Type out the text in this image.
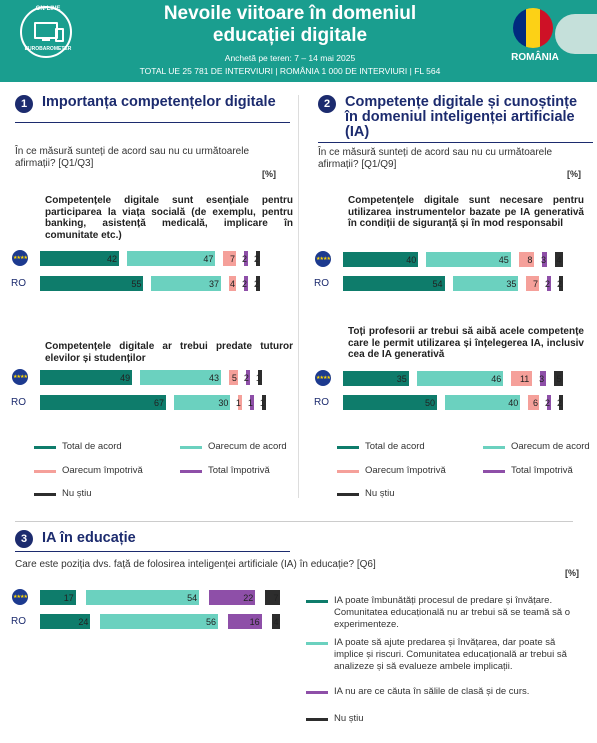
ON-LINE
EUROBAROMETER
Nevoile viitoare în domeniul educației digitale
Anchetă pe teren: 7 – 14 mai 2025
TOTAL UE 25 781 DE INTERVIURI | ROMÂNIA 1 000 DE INTERVIURI | FL 564
ROMÂNIA
1	Importanța competențelor digitale
În ce măsură sunteți de acord sau nu cu următoarele afirmații? [Q1/Q3]
[%]
2	Competențe digitale și cunoștințe în domeniul inteligenței artificiale (IA)
În ce măsură sunteți de acord sau nu cu următoarele afirmații? [Q1/Q9]
[%]
Competențele digitale sunt esențiale pentru participarea la viața socială (de exemplu, pentru banking, asistență medicală, implicare în comunitate etc.)
Competențele digitale ar trebui predate tuturor elevilor și studenților
Competențele digitale sunt necesare pentru utilizarea instrumentelor bazate pe IA generativă în condiții de siguranță și în mod responsabil
Toți profesorii ar trebui să aibă acele competențe care le permit utilizarea și înțelegerea IA, inclusiv cea de IA generativă
★★★★	42	47 7 2 2
RO	55	37 4 2 2
★★★★	49	43 5 2 1
RO	67	30 1 1 1
★★★★	40	45 8 3 4
RO	54	35 7 2 2
★★★★	35	46 11 3 5
RO	50	40 6 2 2
★★★★	17	54	22 7
RO	24	56	16 4
Total de acord	Oarecum de acord
Oarecum împotrivă	Total împotrivă
Nu știu
Total de acord	Oarecum de acord
Oarecum împotrivă	Total împotrivă
Nu știu
3	IA în educație
Care este poziția dvs. față de folosirea inteligenței artificiale (IA) în educație? [Q6]
[%]
IA poate îmbunătăți procesul de predare și învățare. Comunitatea educațională nu ar trebui să se teamă să o experimenteze.
IA poate să ajute predarea și învățarea, dar poate să implice și riscuri. Comunitatea educațională ar trebui să analizeze și să evalueze ambele implicații.
IA nu are ce căuta în sălile de clasă și de curs.
Nu știu
